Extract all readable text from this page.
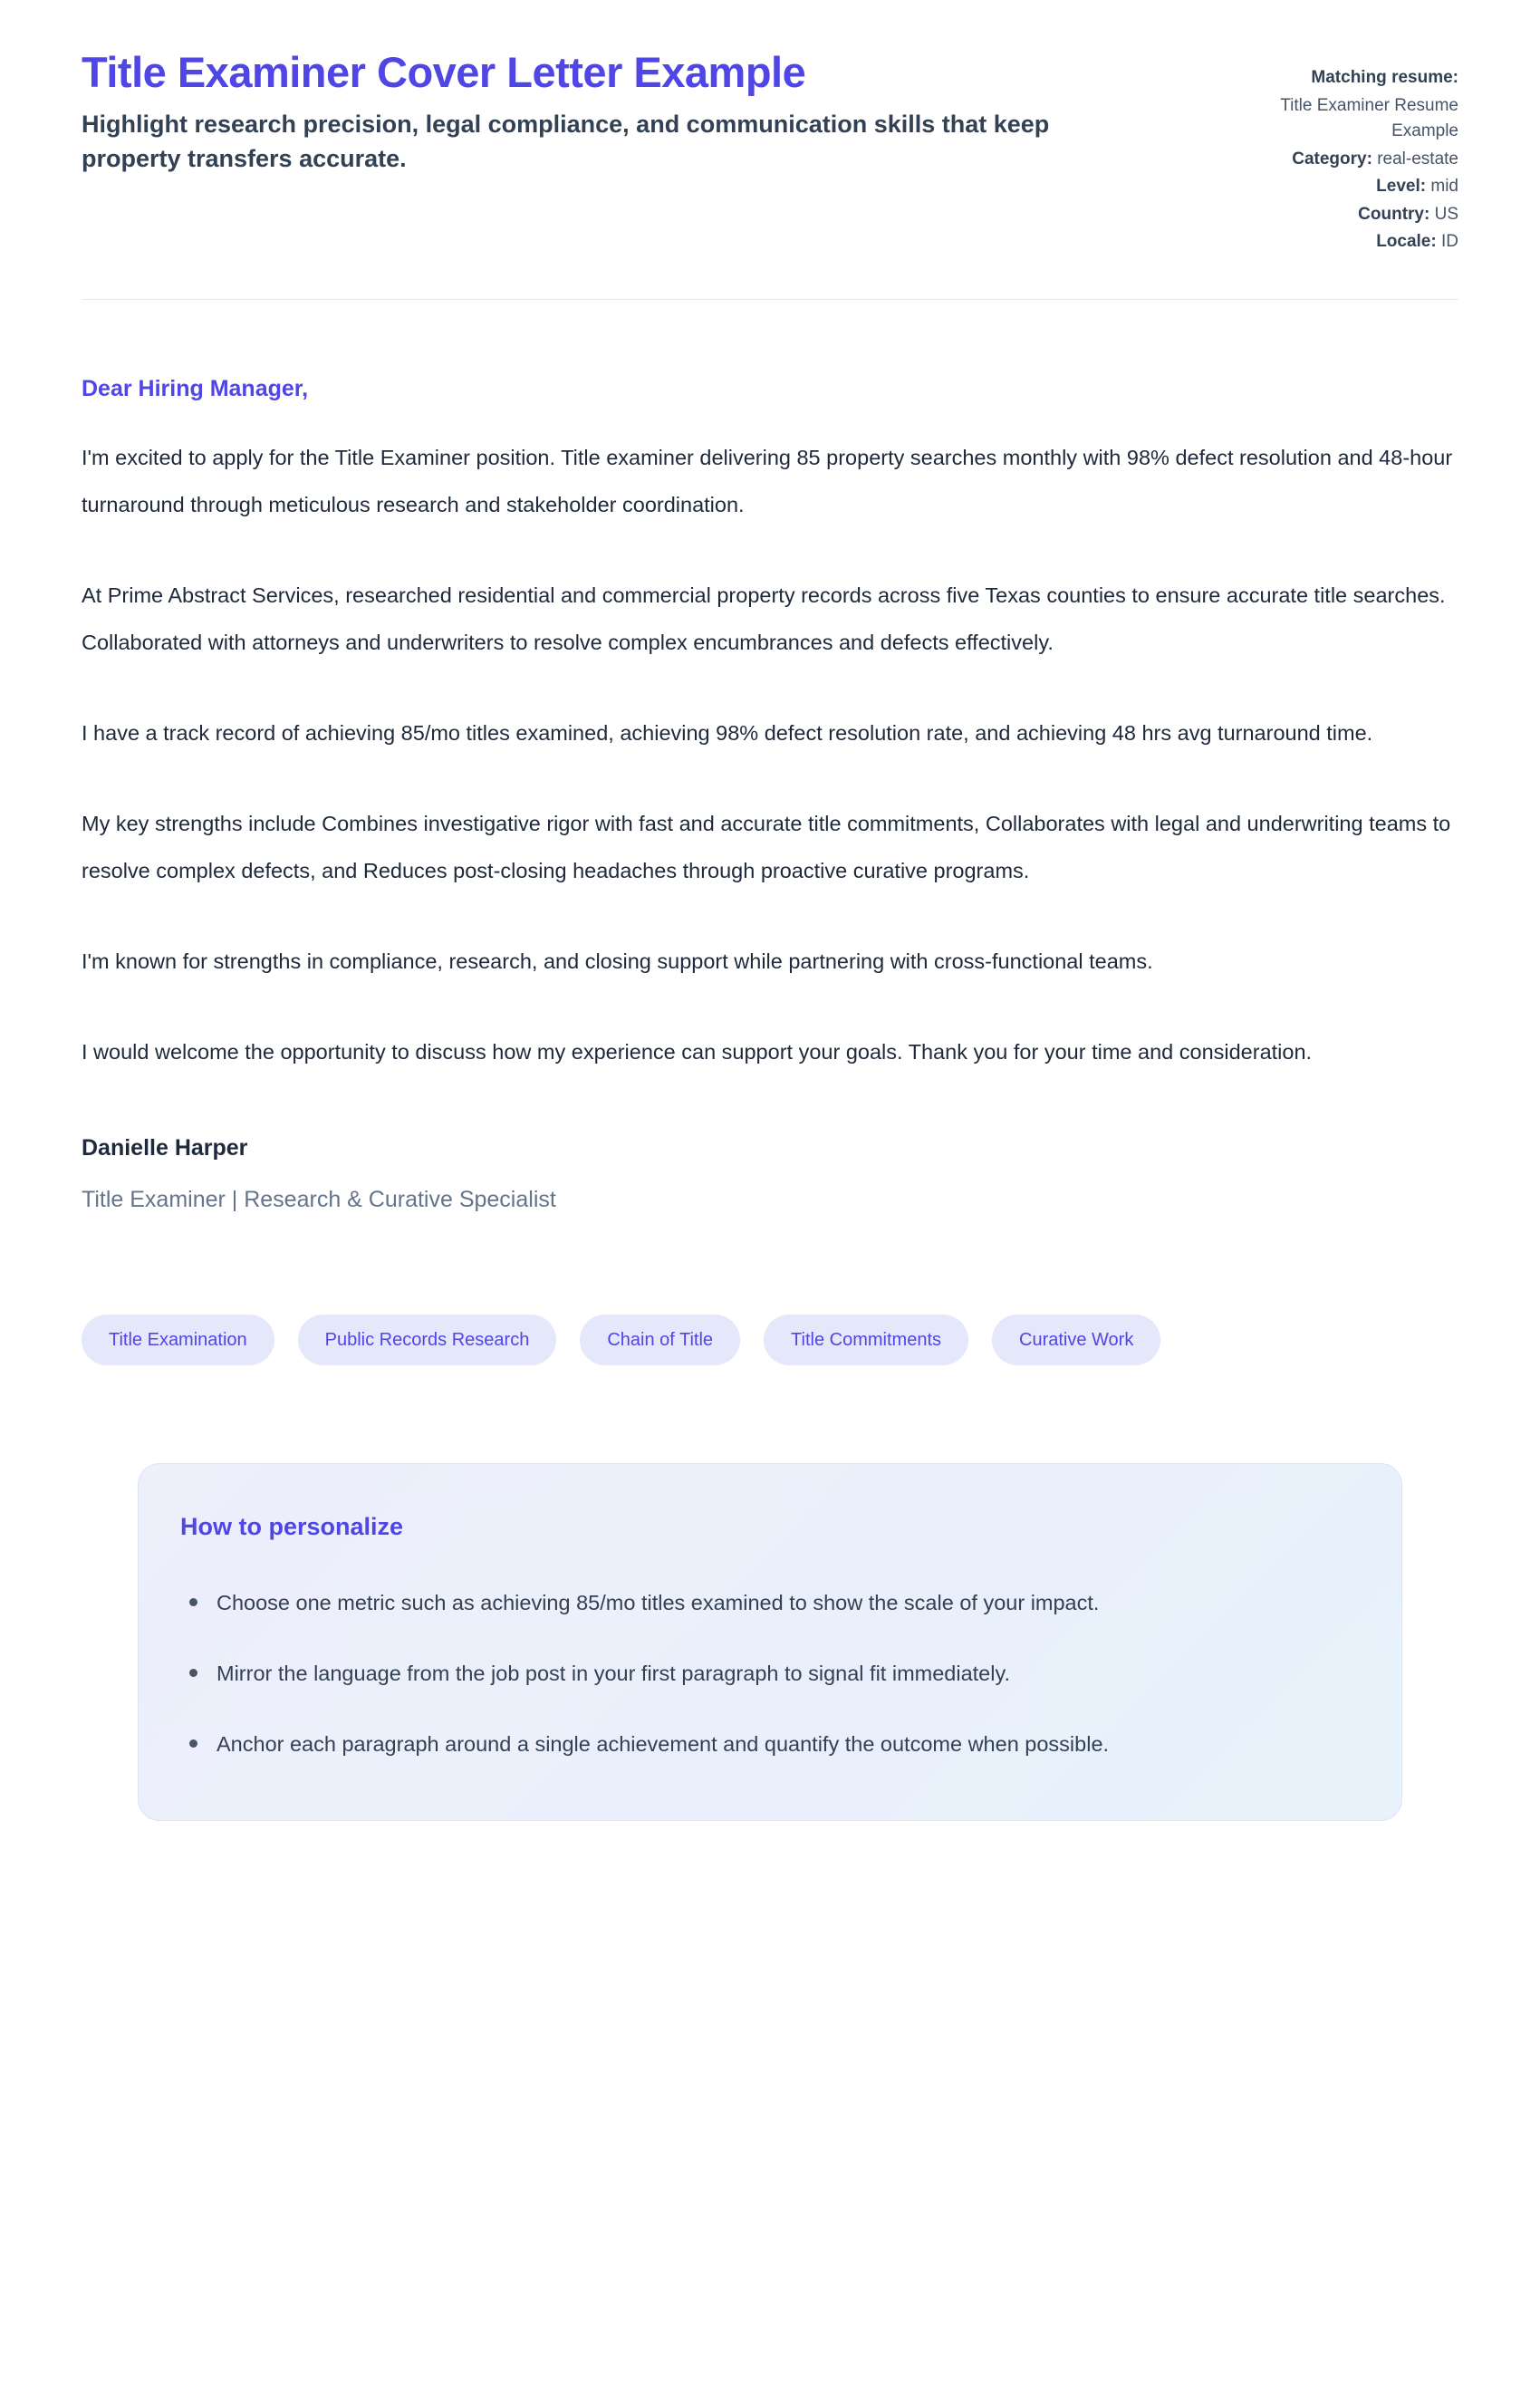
Title Examiner Cover Letter Example
Highlight research precision, legal compliance, and communication skills that keep property transfers accurate.
Matching resume:
Title Examiner Resume Example
Category: real-estate
Level: mid
Country: US
Locale: ID
Dear Hiring Manager,

I'm excited to apply for the Title Examiner position. Title examiner delivering 85 property searches monthly with 98% defect resolution and 48-hour turnaround through meticulous research and stakeholder coordination.

At Prime Abstract Services, researched residential and commercial property records across five Texas counties to ensure accurate title searches. Collaborated with attorneys and underwriters to resolve complex encumbrances and defects effectively.

I have a track record of achieving 85/mo titles examined, achieving 98% defect resolution rate, and achieving 48 hrs avg turnaround time.

My key strengths include Combines investigative rigor with fast and accurate title commitments, Collaborates with legal and underwriting teams to resolve complex defects, and Reduces post-closing headaches through proactive curative programs.

I'm known for strengths in compliance, research, and closing support while partnering with cross-functional teams.

I would welcome the opportunity to discuss how my experience can support your goals. Thank you for your time and consideration.

Danielle Harper
Title Examiner | Research & Curative Specialist
Title Examination	Public Records Research	Chain of Title	Title Commitments	Curative Work
How to personalize
Choose one metric such as achieving 85/mo titles examined to show the scale of your impact.
Mirror the language from the job post in your first paragraph to signal fit immediately.
Anchor each paragraph around a single achievement and quantify the outcome when possible.
